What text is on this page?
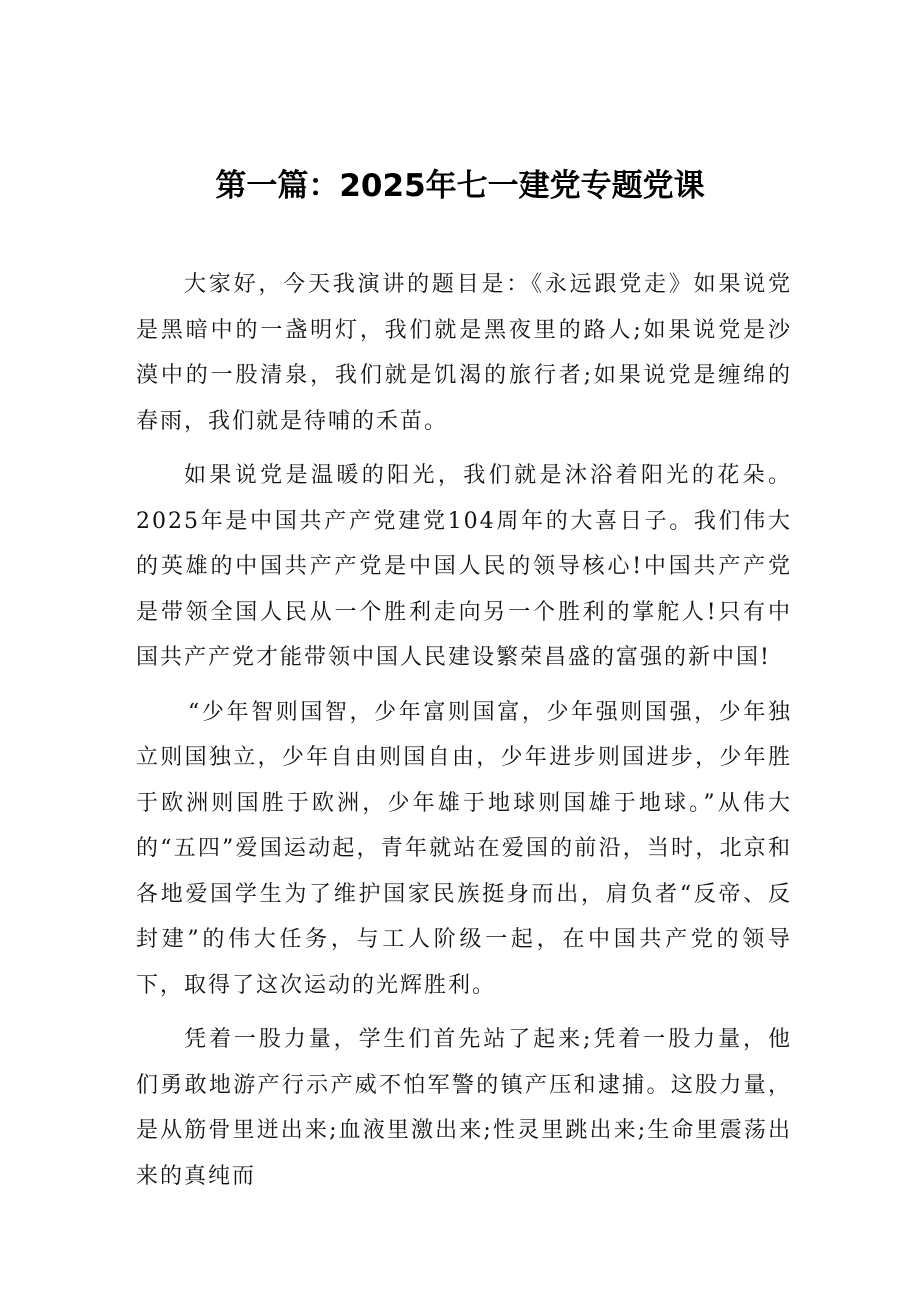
第一篇：2025年七一建党专题党课

大家好，今天我演讲的题目是：《永远跟党走》如果说党是黑暗中的一盏明灯，我们就是黑夜里的路人;如果说党是沙漠中的一股清泉，我们就是饥渴的旅行者;如果说党是缠绵的春雨，我们就是待哺的禾苗。

如果说党是温暖的阳光，我们就是沐浴着阳光的花朵。2025年是中国共产产党建党104周年的大喜日子。我们伟大的英雄的中国共产产党是中国人民的领导核心!中国共产产党是带领全国人民从一个胜利走向另一个胜利的掌舵人!只有中国共产产党才能带领中国人民建设繁荣昌盛的富强的新中国!

“少年智则国智，少年富则国富，少年强则国强，少年独立则国独立，少年自由则国自由，少年进步则国进步，少年胜于欧洲则国胜于欧洲，少年雄于地球则国雄于地球。”从伟大的“五四”爱国运动起，青年就站在爱国的前沿，当时，北京和各地爱国学生为了维护国家民族挺身而出，肩负者“反帝、反封建”的伟大任务，与工人阶级一起，在中国共产党的领导下，取得了这次运动的光辉胜利。

凭着一股力量，学生们首先站了起来;凭着一股力量，他们勇敢地游产行示产威不怕军警的镇产压和逮捕。这股力量，是从筋骨里迸出来;血液里激出来;性灵里跳出来;生命里震荡出来的真纯而
